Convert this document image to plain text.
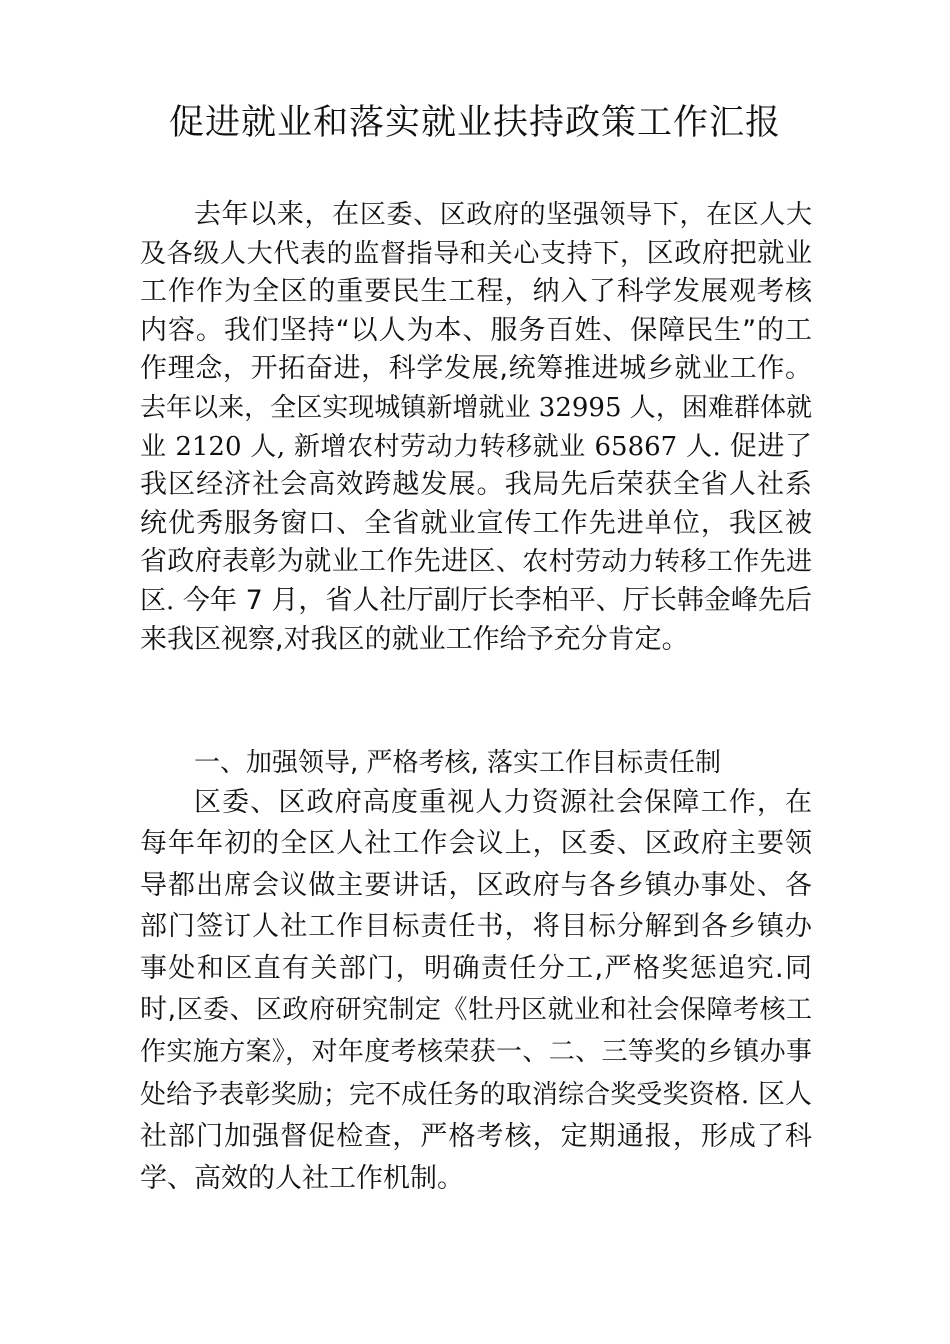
促进就业和落实就业扶持政策工作汇报

去年以来，在区委、区政府的坚强领导下，在区人大及各级人大代表的监督指导和关心支持下，区政府把就业工作作为全区的重要民生工程，纳入了科学发展观考核内容。我们坚持“以人为本、服务百姓、保障民生”的工作理念，开拓奋进，科学发展,统筹推进城乡就业工作。去年以来，全区实现城镇新增就业 32995 人，困难群体就业 2120 人, 新增农村劳动力转移就业 65867 人. 促进了我区经济社会高效跨越发展。我局先后荣获全省人社系统优秀服务窗口、全省就业宣传工作先进单位，我区被省政府表彰为就业工作先进区、农村劳动力转移工作先进区. 今年 7 月，省人社厅副厅长李柏平、厅长韩金峰先后来我区视察,对我区的就业工作给予充分肯定。

一、加强领导, 严格考核, 落实工作目标责任制

区委、区政府高度重视人力资源社会保障工作，在每年年初的全区人社工作会议上，区委、区政府主要领导都出席会议做主要讲话，区政府与各乡镇办事处、各部门签订人社工作目标责任书，将目标分解到各乡镇办事处和区直有关部门，明确责任分工,严格奖惩追究.同时,区委、区政府研究制定《牡丹区就业和社会保障考核工作实施方案》，对年度考核荣获一、二、三等奖的乡镇办事处给予表彰奖励；完不成任务的取消综合奖受奖资格. 区人社部门加强督促检查，严格考核，定期通报，形成了科学、高效的人社工作机制。
